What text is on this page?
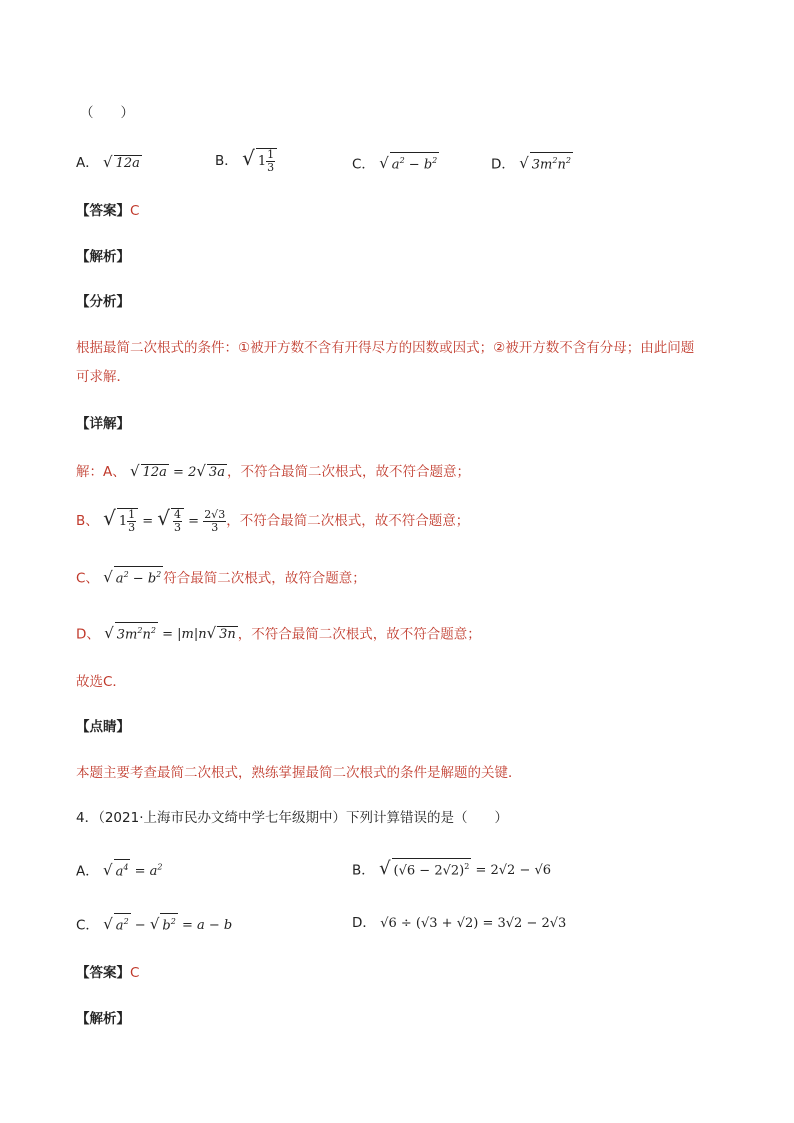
（　　）
A． √ 12a	B． √ $1 \frac{1}{3}$	C． √ $a^2 - b^2$	D． √ $3m^2n^2$
【答案】C
【解析】
【分析】
根据最简二次根式的条件：①被开方数不含有开得尽方的因数或因式；②被开方数不含有分母；由此问题
可求解．
【详解】
解：A、 √ 12a = 2√ 3a ，不符合最简二次根式，故不符合题意；
B、 √ $1 \frac{1}{3}$ = √ $\frac{4}{3} = \frac{2√3}{3}$ ，不符合最简二次根式，故不符合题意；
C、 √ $a^2 - b^2$ 符合最简二次根式，故符合题意；
D、 √ $3m^2n^2 = |m|n√$ 3n ，不符合最简二次根式，故不符合题意；
故选C．
【点睛】
本题主要考查最简二次根式，熟练掌握最简二次根式的条件是解题的关键．
4．（2021·上海市民办文绮中学七年级期中）下列计算错误的是（　　）
A． √ $a^4 = a^2$	B． √ $(√6 - 2√2)^2 = 2√2 - √6$
C． √ $a^2$ − √ $b^2 = a - b$	D． √6 ÷ (√3 + √2) = 3√2 − 2√3
【答案】C
【解析】
